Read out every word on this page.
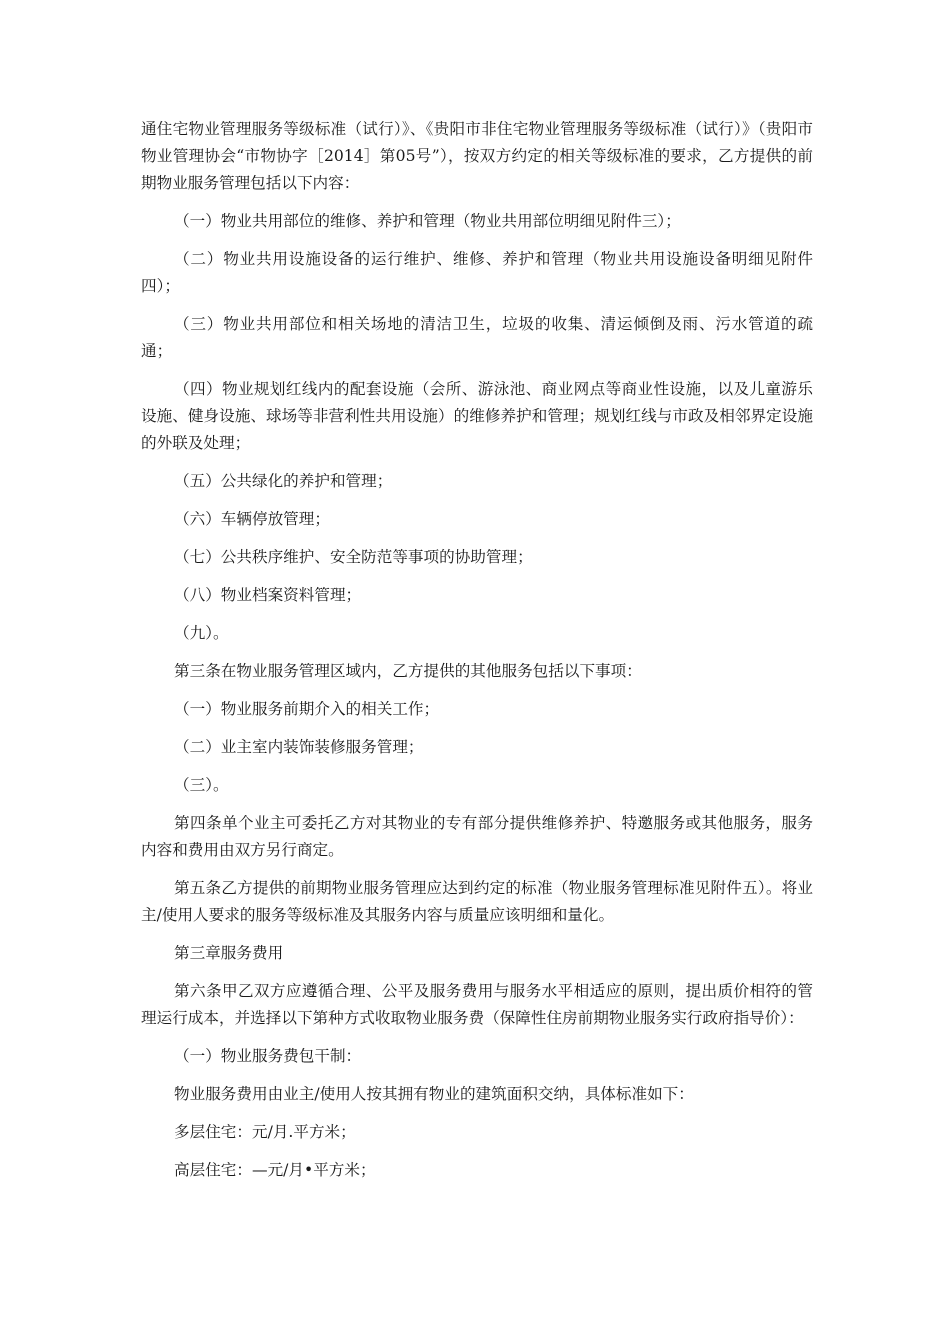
通住宅物业管理服务等级标准（试行）》、《贵阳市非住宅物业管理服务等级标准（试行）》（贵阳市物业管理协会“市物协字［2014］第05号”），按双方约定的相关等级标准的要求，乙方提供的前期物业服务管理包括以下内容：

（一）物业共用部位的维修、养护和管理（物业共用部位明细见附件三）；

（二）物业共用设施设备的运行维护、维修、养护和管理（物业共用设施设备明细见附件四）；

（三）物业共用部位和相关场地的清洁卫生，垃圾的收集、清运倾倒及雨、污水管道的疏通；

（四）物业规划红线内的配套设施（会所、游泳池、商业网点等商业性设施，以及儿童游乐设施、健身设施、球场等非营利性共用设施）的维修养护和管理；规划红线与市政及相邻界定设施的外联及处理；

（五）公共绿化的养护和管理；

（六）车辆停放管理；

（七）公共秩序维护、安全防范等事项的协助管理；

（八）物业档案资料管理；

（九）。

第三条在物业服务管理区域内，乙方提供的其他服务包括以下事项：

（一）物业服务前期介入的相关工作；

（二）业主室内装饰装修服务管理；

（三）。

第四条单个业主可委托乙方对其物业的专有部分提供维修养护、特邀服务或其他服务，服务内容和费用由双方另行商定。

第五条乙方提供的前期物业服务管理应达到约定的标准（物业服务管理标准见附件五）。将业主/使用人要求的服务等级标准及其服务内容与质量应该明细和量化。

第三章服务费用

第六条甲乙双方应遵循合理、公平及服务费用与服务水平相适应的原则，提出质价相符的管理运行成本，并选择以下第种方式收取物业服务费（保障性住房前期物业服务实行政府指导价）：

（一）物业服务费包干制：

物业服务费用由业主/使用人按其拥有物业的建筑面积交纳，具体标准如下：

多层住宅：元/月.平方米；

高层住宅：—元/月•平方米；
